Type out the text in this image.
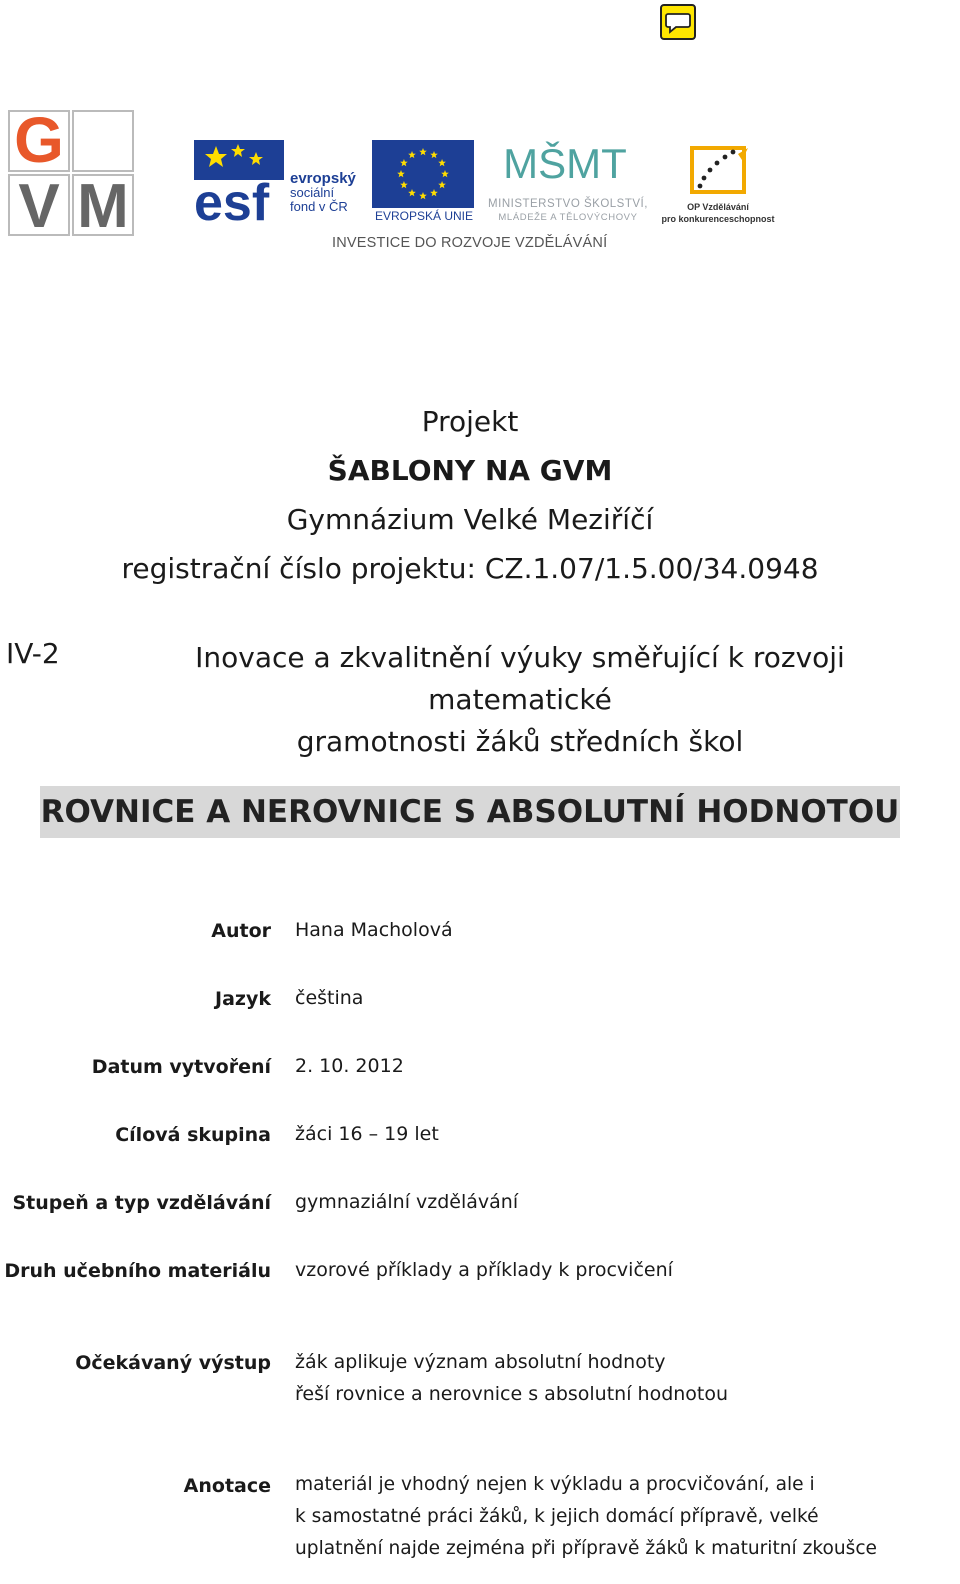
G
V M esf evropský
sociální
fond v ČR
EVROPSKÁ UNIE
MŠMT
MINISTERSTVO ŠKOLSTVÍ,
MLÁDEŽE A TĚLOVÝCHOVY
OP Vzdělávání
pro konkurenceschopnost
INVESTICE DO ROZVOJE VZDĚLÁVÁNÍ
Projekt
ŠABLONY NA GVM
Gymnázium Velké Meziříčí
registrační číslo projektu: CZ.1.07/1.5.00/34.0948
IV-2	Inovace a zkvalitnění výuky směřující k rozvoji matematické
gramotnosti žáků středních škol
ROVNICE A NEROVNICE S ABSOLUTNÍ HODNOTOU
Autor Hana Macholová
Jazyk čeština
Datum vytvoření 2. 10. 2012
Cílová skupina žáci 16 – 19 let
Stupeň a typ vzdělávání gymnaziální vzdělávání
Druh učebního materiálu vzorové příklady a příklady k procvičení
Očekávaný výstup žák aplikuje význam absolutní hodnoty
řeší rovnice a nerovnice s absolutní hodnotou
Anotace materiál je vhodný nejen k výkladu a procvičování, ale i
k samostatné práci žáků, k jejich domácí přípravě, velké
uplatnění najde zejména při přípravě žáků k maturitní zkoušce
